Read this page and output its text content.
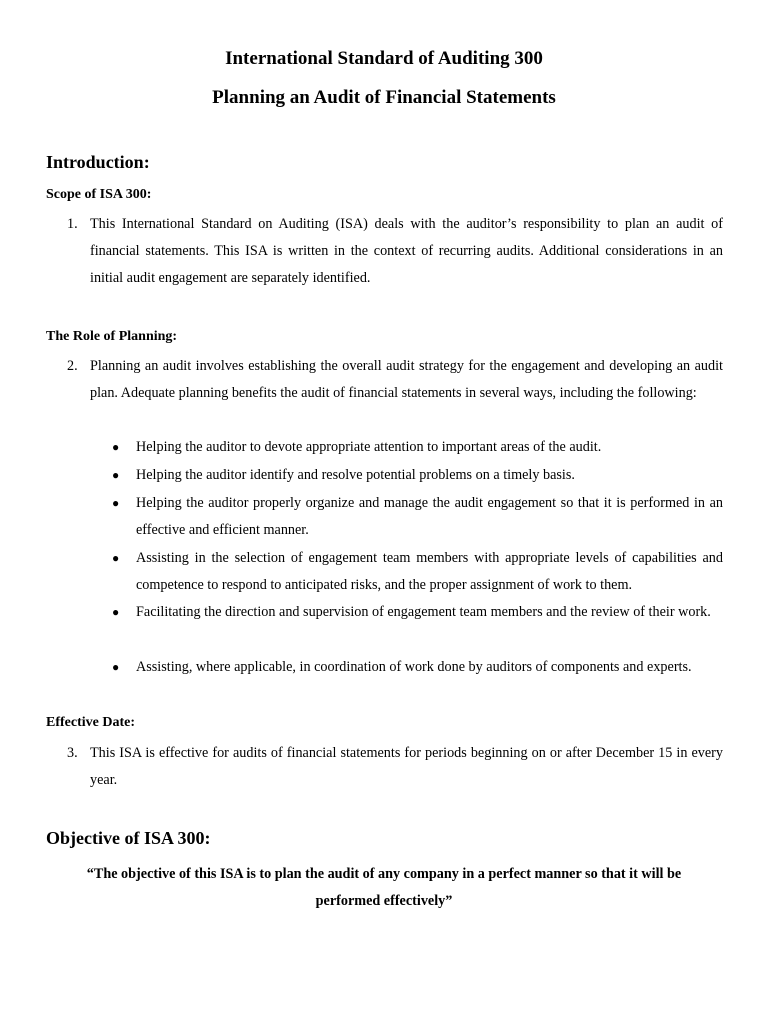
International Standard of Auditing 300
Planning an Audit of Financial Statements
Introduction:
Scope of ISA 300:
1. This International Standard on Auditing (ISA) deals with the auditor’s responsibility to plan an audit of financial statements. This ISA is written in the context of recurring audits. Additional considerations in an initial audit engagement are separately identified.
The Role of Planning:
2. Planning an audit involves establishing the overall audit strategy for the engagement and developing an audit plan. Adequate planning benefits the audit of financial statements in several ways, including the following:
● Helping the auditor to devote appropriate attention to important areas of the audit.
● Helping the auditor identify and resolve potential problems on a timely basis.
● Helping the auditor properly organize and manage the audit engagement so that it is performed in an effective and efficient manner.
● Assisting in the selection of engagement team members with appropriate levels of capabilities and competence to respond to anticipated risks, and the proper assignment of work to them.
● Facilitating the direction and supervision of engagement team members and the review of their work.
● Assisting, where applicable, in coordination of work done by auditors of components and experts.
Effective Date:
3. This ISA is effective for audits of financial statements for periods beginning on or after December 15 in every year.
Objective of ISA 300:
“The objective of this ISA is to plan the audit of any company in a perfect manner so that it will be performed effectively”
